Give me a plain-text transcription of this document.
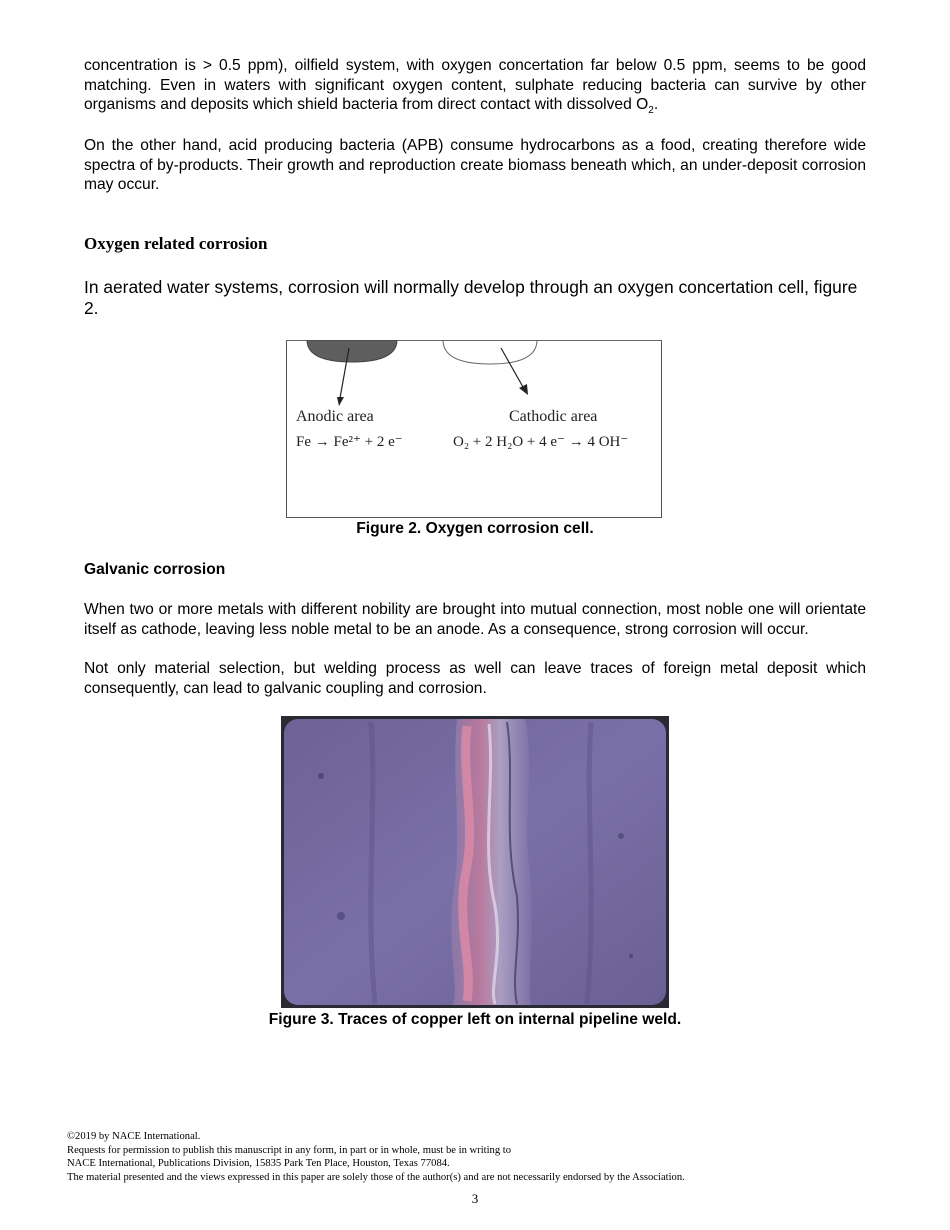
concentration is > 0.5 ppm), oilfield system, with oxygen concertation far below 0.5 ppm, seems to be good matching. Even in waters with significant oxygen content, sulphate reducing bacteria can survive by other organisms and deposits which shield bacteria from direct contact with dissolved $O_2$.

On the other hand, acid producing bacteria (APB) consume hydrocarbons as a food, creating therefore wide spectra of by-products. Their growth and reproduction create biomass beneath which, an under-deposit corrosion may occur.

Oxygen related corrosion

In aerated water systems, corrosion will normally develop through an oxygen concertation cell, figure 2.

Anodic area	Cathodic area
Fe → Fe²⁺ + 2 e⁻	O₂ + 2 H₂O + 4 e⁻ → 4 OH⁻

Figure 2. Oxygen corrosion cell.

Galvanic corrosion

When two or more metals with different nobility are brought into mutual connection, most noble one will orientate itself as cathode, leaving less noble metal to be an anode. As a consequence, strong corrosion will occur.

Not only material selection, but welding process as well can leave traces of foreign metal deposit which consequently, can lead to galvanic coupling and corrosion.

Figure 3. Traces of copper left on internal pipeline weld.

©2019 by NACE International.
Requests for permission to publish this manuscript in any form, in part or in whole, must be in writing to
NACE International, Publications Division, 15835 Park Ten Place, Houston, Texas 77084.
The material presented and the views expressed in this paper are solely those of the author(s) and are not necessarily endorsed by the Association.
3
